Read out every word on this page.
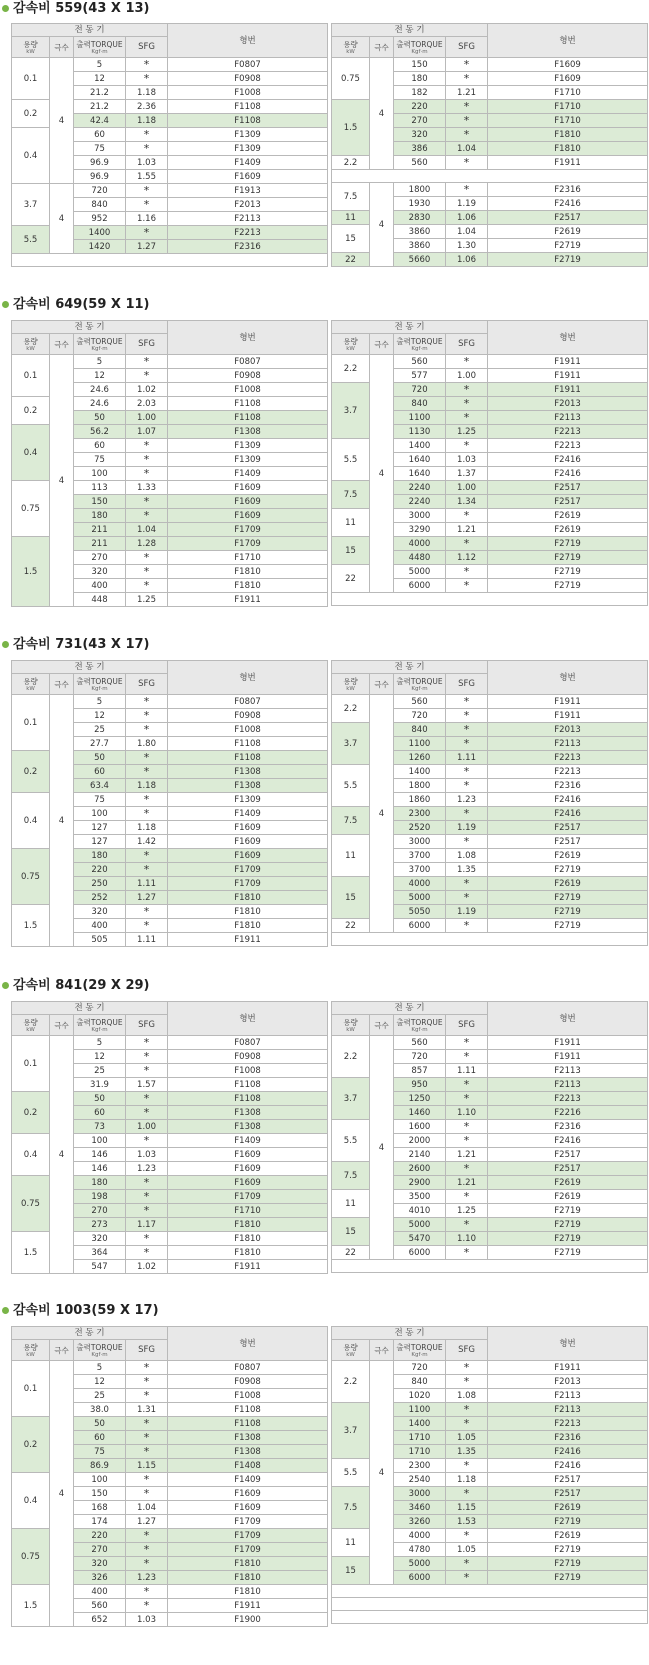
감속비 559(43 X 13)
전 동 기				형번
용량
kW	극수	출력TORQUE
Kgf·m	SFG	
0.1	4	5	*	F0807
		12	*	F0908
		21.2	1.18	F1008
0.2		21.2	2.36	F1108
		42.4	1.18	F1108
0.4		60	*	F1309
		75	*	F1309
		96.9	1.03	F1409
		96.9	1.55	F1609
3.7	4	720	*	F1913
		840	*	F2013
		952	1.16	F2113
5.5		1400	*	F2213
		1420	1.27	F2316

전 동 기				형번
용량
kW	극수	출력TORQUE
Kgf·m	SFG	
0.75	4	150	*	F1609
		180	*	F1609
		182	1.21	F1710
1.5		220	*	F1710
		270	*	F1710
		320	*	F1810
		386	1.04	F1810
2.2		560	*	F1911

7.5	4	1800	*	F2316
		1930	1.19	F2416
11		2830	1.06	F2517
15		3860	1.04	F2619
		3860	1.30	F2719
22		5660	1.06	F2719
감속비 649(59 X 11)
전 동 기				형번
용량
kW	극수	출력TORQUE
Kgf·m	SFG	
0.1	4	5	*	F0807
		12	*	F0908
		24.6	1.02	F1008
0.2		24.6	2.03	F1108
		50	1.00	F1108
0.4		56.2	1.07	F1308
		60	*	F1309
		75	*	F1309
		100	*	F1409
0.75		113	1.33	F1609
		150	*	F1609
		180	*	F1609
		211	1.04	F1709
1.5		211	1.28	F1709
		270	*	F1710
		320	*	F1810
		400	*	F1810
		448	1.25	F1911
전 동 기				형번
용량
kW	극수	출력TORQUE
Kgf·m	SFG	
2.2	4	560	*	F1911
		577	1.00	F1911
3.7		720	*	F1911
		840	*	F2013
		1100	*	F2113
		1130	1.25	F2213
5.5		1400	*	F2213
		1640	1.03	F2416
		1640	1.37	F2416
7.5		2240	1.00	F2517
		2240	1.34	F2517
11		3000	*	F2619
		3290	1.21	F2619
15		4000	*	F2719
		4480	1.12	F2719
22		5000	*	F2719
		6000	*	F2719

감속비 731(43 X 17)
전 동 기				형번
용량
kW	극수	출력TORQUE
Kgf·m	SFG	
0.1	4	5	*	F0807
		12	*	F0908
		25	*	F1008
		27.7	1.80	F1108
0.2		50	*	F1108
		60	*	F1308
		63.4	1.18	F1308
0.4		75	*	F1309
		100	*	F1409
		127	1.18	F1609
		127	1.42	F1609
0.75		180	*	F1609
		220	*	F1709
		250	1.11	F1709
		252	1.27	F1810
1.5		320	*	F1810
		400	*	F1810
		505	1.11	F1911
전 동 기				형번
용량
kW	극수	출력TORQUE
Kgf·m	SFG	
2.2	4	560	*	F1911
		720	*	F1911
3.7		840	*	F2013
		1100	*	F2113
		1260	1.11	F2213
5.5		1400	*	F2213
		1800	*	F2316
		1860	1.23	F2416
7.5		2300	*	F2416
		2520	1.19	F2517
11		3000	*	F2517
		3700	1.08	F2619
		3700	1.35	F2719
15		4000	*	F2619
		5000	*	F2719
		5050	1.19	F2719
22		6000	*	F2719

감속비 841(29 X 29)
전 동 기				형번
용량
kW	극수	출력TORQUE
Kgf·m	SFG	
0.1	4	5	*	F0807
		12	*	F0908
		25	*	F1008
		31.9	1.57	F1108
0.2		50	*	F1108
		60	*	F1308
		73	1.00	F1308
0.4		100	*	F1409
		146	1.03	F1609
		146	1.23	F1609
0.75		180	*	F1609
		198	*	F1709
		270	*	F1710
		273	1.17	F1810
1.5		320	*	F1810
		364	*	F1810
		547	1.02	F1911
전 동 기				형번
용량
kW	극수	출력TORQUE
Kgf·m	SFG	
2.2	4	560	*	F1911
		720	*	F1911
		857	1.11	F2113
3.7		950	*	F2113
		1250	*	F2213
		1460	1.10	F2216
5.5		1600	*	F2316
		2000	*	F2416
		2140	1.21	F2517
7.5		2600	*	F2517
		2900	1.21	F2619
11		3500	*	F2619
		4010	1.25	F2719
15		5000	*	F2719
		5470	1.10	F2719
22		6000	*	F2719

감속비 1003(59 X 17)
전 동 기				형번
용량
kW	극수	출력TORQUE
Kgf·m	SFG	
0.1	4	5	*	F0807
		12	*	F0908
		25	*	F1008
		38.0	1.31	F1108
0.2		50	*	F1108
		60	*	F1308
		75	*	F1308
		86.9	1.15	F1408
0.4		100	*	F1409
		150	*	F1609
		168	1.04	F1609
		174	1.27	F1709
0.75		220	*	F1709
		270	*	F1709
		320	*	F1810
		326	1.23	F1810
1.5		400	*	F1810
		560	*	F1911
		652	1.03	F1900
전 동 기				형번
용량
kW	극수	출력TORQUE
Kgf·m	SFG	
2.2	4	720	*	F1911
		840	*	F2013
		1020	1.08	F2113
3.7		1100	*	F2113
		1400	*	F2213
		1710	1.05	F2316
		1710	1.35	F2416
5.5		2300	*	F2416
		2540	1.18	F2517
7.5		3000	*	F2517
		3460	1.15	F2619
		3260	1.53	F2719
11		4000	*	F2619
		4780	1.05	F2719
15		5000	*	F2719
		6000	*	F2719
